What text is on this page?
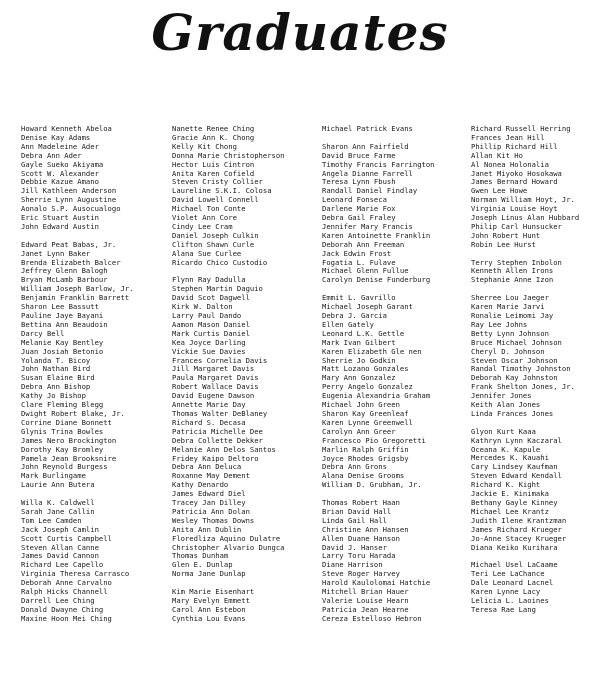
Graduates
Howard Kenneth Abeloa
Denise Kay Adams
Ann Madeleine Ader
Debra Ann Ader
Gayle Sueko Akiyama
Scott W. Alexander
Debbie Kazue Amano
Jill Kathleen Anderson
Sherrie Lynn Augustine
Aonalo S.P. Ausocualogo
Eric Stuart Austin
John Edward Austin
Edward Peat Babas, Jr.
Janet Lynn Baker
Brenda Elizabeth Balcer
Jeffrey Glenn Balogh
Bryan McLamb Barbour
William Joseph Barlow, Jr.
Benjamin Franklin Barrett
Sharon Lee Bassutt
Pauline Jaye Bayani
Bettina Ann Beaudoin
Darcy Bell
Melanie Kay Bentley
Juan Josiah Betonio
Yolanda T. Bicoy
John Nathan Bird
Susan Elaine Bird
Debra Ann Bishop
Kathy Jo Bishop
Clare Fleming Blegg
Dwight Robert Blake, Jr.
Corrine Diane Bonnett
Glynis Trina Bowles
James Nero Brockington
Dorothy Kay Bromley
Pamela Jean Brooksnire
John Reynold Burgess
Mark Burlingame
Laurie Ann Butera
Willa K. Caldwell
Sarah Jane Callin
Tom Lee Camden
Jack Joseph Camlin
Scott Curtis Campbell
Steven Allan Canne
James David Cannon
Richard Lee Capello
Virginia Theresa Carrasco
Deborah Anne Carvalno
Ralph Hicks Channell
Darrell Lee Ching
Donald Dwayne Ching
Maxine Hoon Mei Ching
Nanette Renee Ching
Gracie Ann K. Chong
Kelly Kit Chong
Donna Marie Christopherson
Hector Luis Cintron
Anita Karen Cofield
Steven Cristy Collier
Laureline S.K.I. Colosa
David Lowell Connell
Michael Ton Conte
Violet Ann Core
Cindy Lee Cram
Daniel Joseph Culkin
Clifton Shawn Curle
Alana Sue Curlee
Ricardo Chico Custodio
Flynn Ray Dadulla
Stephen Martin Daguio
David Scot Dagwell
Kirk W. Dalton
Larry Paul Dando
Aamon Mason Daniel
Mark Curtis Daniel
Kea Joyce Darling
Vickie Sue Davies
Frances Cornelia Davis
Jill Margaret Davis
Paula Margaret Davis
Robert Wallace Davis
David Eugene Dawson
Annette Marie Day
Thomas Walter DeBlaney
Richard S. Decasa
Patricia Michelle Dee
Debra Collette Dekker
Melanie Ann Delos Santos
Fridey Kaipo Deltoro
Debra Ann Deluca
Roxanne May Dement
Kathy Denardo
James Edward Diel
Tracey Jan Dilley
Patricia Ann Dolan
Wesley Thomas Downs
Anita Ann Dublin
Floredliza Aquino Dulatre
Christopher Alvario Dungca
Thomas Dunham
Glen E. Dunlap
Norma Jane Dunlap
Kim Marie Eisenhart
Mary Evelyn Emmett
Carol Ann Estebon
Cynthia Lou Evans
Michael Patrick Evans
Sharon Ann Fairfield
David Bruce Farme
Timothy Francis Farrington
Angela Dianne Farrell
Teresa Lynn Fbush
Randall Daniel Findlay
Leonard Fonseca
Darlene Marie Fox
Debra Gail Fraley
Jennifer Mary Francis
Karen Antoinette Franklin
Deborah Ann Freeman
Jack Edwin Frost
Fogatia L. Fulave
Michael Glenn Fullue
Carolyn Denise Funderburg
Emmit L. Gavrillo
Michael Joseph Garant
Debra J. Garcia
Ellen Gately
Leonard L.K. Gettle
Mark Ivan Gilbert
Karen Elizabeth Gle nen
Sherrie Jo Godkin
Matt Lozano Gonzales
Mary Ann Gonzalez
Perry Angelo Gonzalez
Eugenia Alexandria Graham
Michael John Green
Sharon Kay Greenleaf
Karen Lynne Greenwell
Carolyn Ann Greer
Francesco Pio Gregoretti
Marlin Ralph Griffin
Joyce Rhodes Grigsby
Debra Ann Grons
Alana Denise Grooms
William D. Grubham, Jr.
Thomas Robert Haan
Brian David Hall
Linda Gail Hall
Christine Ann Hansen
Allen Duane Hanson
David J. Hanser
Larry Toru Harada
Diane Harrison
Steve Roger Harvey
Harold Kaulolomai Hatchie
Mitchell Brian Hauer
Valerie Louise Hearn
Patricia Jean Hearne
Cereza Estelloso Hebron
Richard Russell Herring
Frances Jean Hill
Phillip Richard Hill
Allan Kit Ho
Al Nonea Holonalia
Janet Miyoko Hosokawa
James Bernard Howard
Gwen Lee Howe
Norman William Hoyt, Jr.
Virginia Louise Hoyt
Joseph Linus Alan Hubbard
Philip Carl Hunsucker
John Robert Hunt
Robin Lee Hurst
Terry Stephen Inbolon
Kenneth Allen Irons
Stephanie Anne Izon
Sherree Lou Jaeger
Karen Marie Jarvi
Ronalie Leimomi Jay
Ray Lee Johns
Betty Lynn Johnson
Bruce Michael Johnson
Cheryl D. Johnson
Steven Oscar Johnson
Randal Timothy Johnston
Deborah Kay Johnston
Frank Shelton Jones, Jr.
Jennifer Jones
Keith Alan Jones
Linda Frances Jones
Glyon Kurt Kaaa
Kathryn Lynn Kaczaral
Oceana K. Kapule
Mercedes K. Kauahi
Cary Lindsey Kaufman
Steven Edward Kendall
Richard K. Kight
Jackie E. Kinimaka
Bethany Gayle Kinney
Michael Lee Krantz
Judith Ilene Krantzman
James Richard Krueger
Jo-Anne Stacey Krueger
Diana Keiko Kurihara
Michael Usel LaCaame
Teri Lee LaChance
Dale Leonard Lacnel
Karen Lynne Lacy
Lelicia L. Laoines
Teresa Rae Lang
